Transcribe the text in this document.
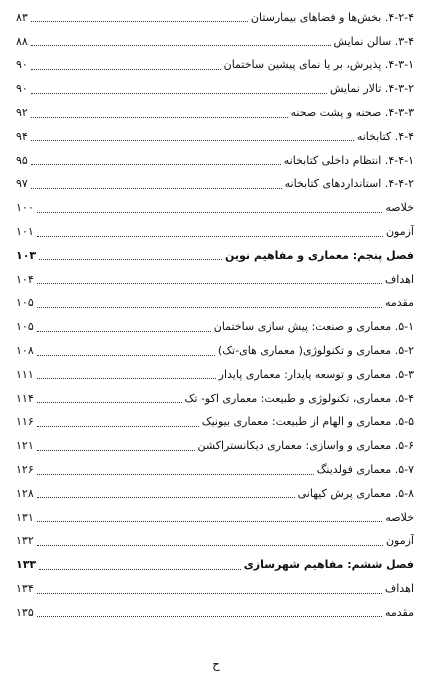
۴-۲-۴. بخش‌ها و فضاهای بیمارستان
۸۳
۳-۴. سالن نمایش
۸۸
۴-۳-۱. پذیرش، بر یا نمای پیشین ساختمان
۹۰
۴-۳-۲. تالار نمایش
۹۰
۴-۳-۳. صحنه و پشت صحنه
۹۲
۴-۴. کتابخانه
۹۴
۴-۴-۱. انتظام داخلی کتابخانه
۹۵
۴-۴-۲. استانداردهای کتابخانه
۹۷
خلاصه
۱۰۰
آزمون
۱۰۱
فصل پنجم: معماری و مفاهیم نوین
۱۰۳
اهداف
۱۰۴
مقدمه
۱۰۵
۵-۱. معماری و صنعت: پیش سازی ساختمان
۱۰۵
۵-۲. معماری و تکنولوژی( معماری های-تک)
۱۰۸
۵-۳. معماری و توسعه پایدار: معماری پایدار
۱۱۱
۵-۴. معماری، تکنولوژی و طبیعت: معماری اکو- تک
۱۱۴
۵-۵. معماری و الهام از طبیعت: معماری بیونیک
۱۱۶
۵-۶. معماری و واسازی: معماری دیکانستراکشن
۱۲۱
۵-۷. معماری فولدینگ
۱۲۶
۵-۸. معماری پرش کیهانی
۱۲۸
خلاصه
۱۳۱
آزمون
۱۳۲
فصل ششم: مفاهیم شهرسازی
۱۳۳
اهداف
۱۳۴
مقدمه
۱۳۵
ح
